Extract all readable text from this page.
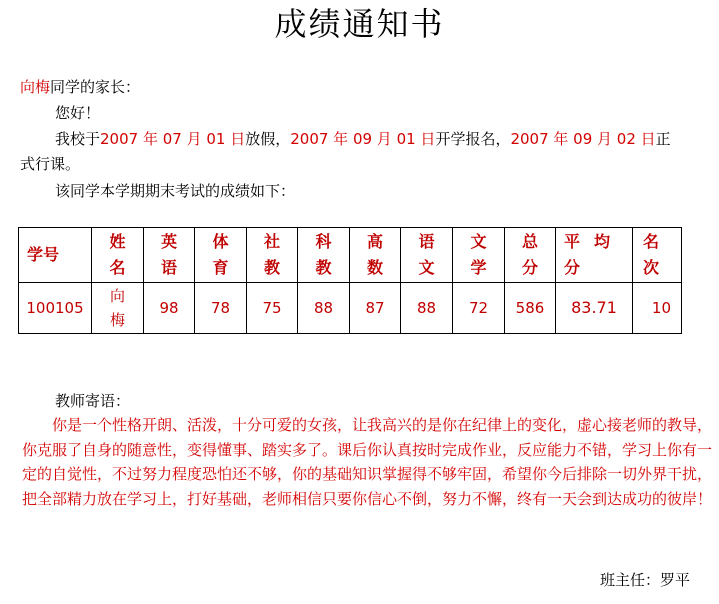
成绩通知书
向梅同学的家长：
您好！
我校于2007 年 07 月 01 日放假，2007 年 09 月 01 日开学报名，2007 年 09 月 02 日正
式行课。
该同学本学期期末考试的成绩如下：
学号	姓名	英语	体育	社教	科教	高数	语文	文学	总分	平均分	名次

100105	向梅	98	78	75	88	87	88	72	586	83.71	10
教师寄语：
你是一个性格开朗、活泼，十分可爱的女孩，让我高兴的是你在纪律上的变化，虚心接老师的教导，你克服了自身的随意性，变得懂事、踏实多了。课后你认真按时完成作业，反应能力不错，学习上你有一定的自觉性，不过努力程度恐怕还不够，你的基础知识掌握得不够牢固，希望你今后排除一切外界干扰，把全部精力放在学习上，打好基础，老师相信只要你信心不倒，努力不懈，终有一天会到达成功的彼岸！
班主任：罗平
